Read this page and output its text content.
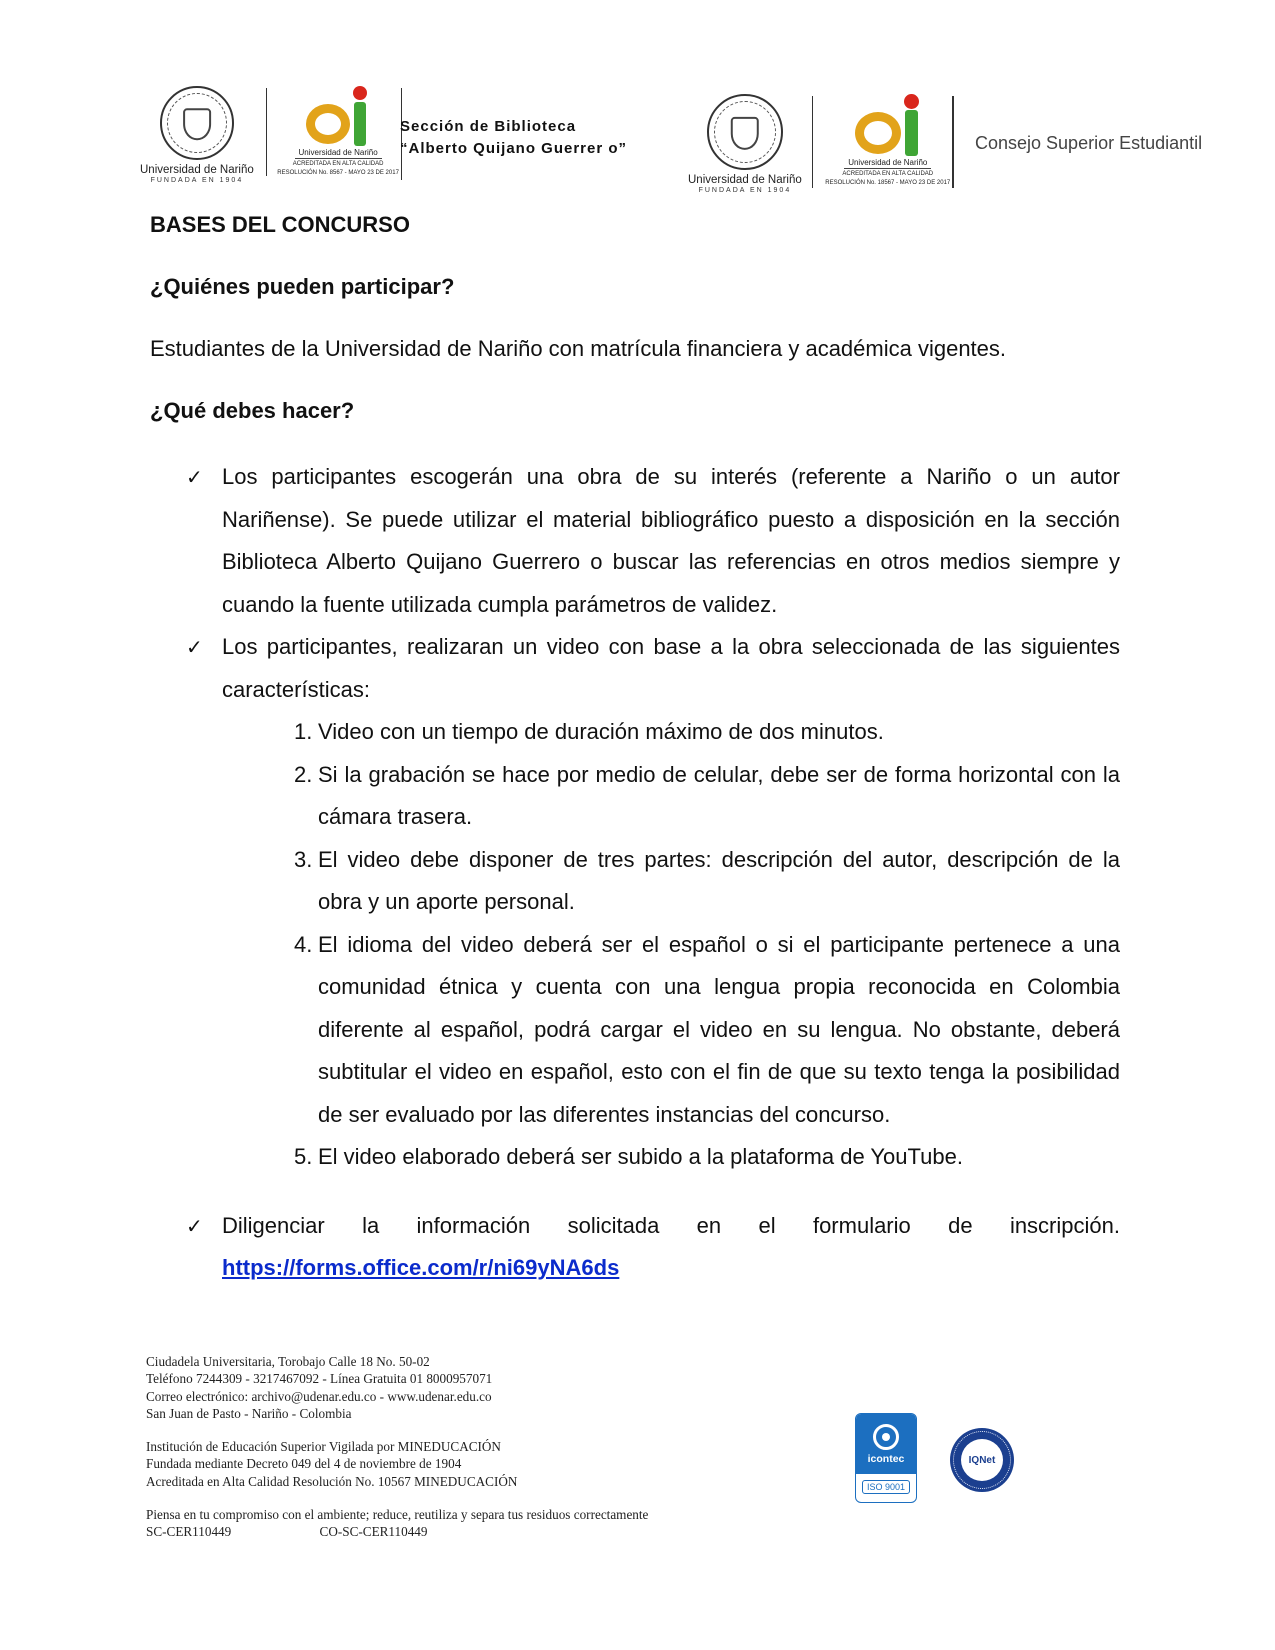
Universidad de Nariño
FUNDADA EN 1904
Universidad de Nariño
ACREDITADA EN ALTA CALIDAD
RESOLUCIÓN No. 8567 - MAYO 23 DE 2017
Sección de Biblioteca
“Alberto Quijano Guerrer o”
Universidad de Nariño
FUNDADA EN 1904
Universidad de Nariño
ACREDITADA EN ALTA CALIDAD
RESOLUCIÓN No. 18567 - MAYO 23 DE 2017
Consejo Superior Estudiantil
BASES DEL CONCURSO
¿Quiénes pueden participar?
Estudiantes de la Universidad de Nariño con matrícula financiera y académica vigentes.
¿Qué debes hacer?
✓ Los participantes escogerán una obra de su interés (referente a Nariño o un autor Nariñense). Se puede utilizar el material bibliográfico puesto a disposición en la sección Biblioteca Alberto Quijano Guerrero o buscar las referencias en otros medios siempre y cuando la fuente utilizada cumpla parámetros de validez.
✓ Los participantes, realizaran un video con base a la obra seleccionada de las siguientes características:
1. Video con un tiempo de duración máximo de dos minutos.
2. Si la grabación se hace por medio de celular, debe ser de forma horizontal con la cámara trasera.
3. El video debe disponer de tres partes: descripción del autor, descripción de la obra y un aporte personal.
4. El idioma del video deberá ser el español o si el participante pertenece a una comunidad étnica y cuenta con una lengua propia reconocida en Colombia diferente al español, podrá cargar el video en su lengua. No obstante, deberá subtitular el video en español, esto con el fin de que su texto tenga la posibilidad de ser evaluado por las diferentes instancias del concurso.
5. El video elaborado deberá ser subido a la plataforma de YouTube.
✓ Diligenciar la información solicitada en el formulario de inscripción.
https://forms.office.com/r/ni69yNA6ds
Ciudadela Universitaria, Torobajo Calle 18 No. 50-02
Teléfono 7244309 - 3217467092 - Línea Gratuita 01 8000957071
Correo electrónico: archivo@udenar.edu.co - www.udenar.edu.co
San Juan de Pasto - Nariño - Colombia
Institución de Educación Superior Vigilada por MINEDUCACIÓN
Fundada mediante Decreto 049 del 4 de noviembre de 1904
Acreditada en Alta Calidad Resolución No. 10567 MINEDUCACIÓN
Piensa en tu compromiso con el ambiente; reduce, reutiliza y separa tus residuos correctamente
SC-CER110449	CO-SC-CER110449
icontec
ISO 9001
IQNet
